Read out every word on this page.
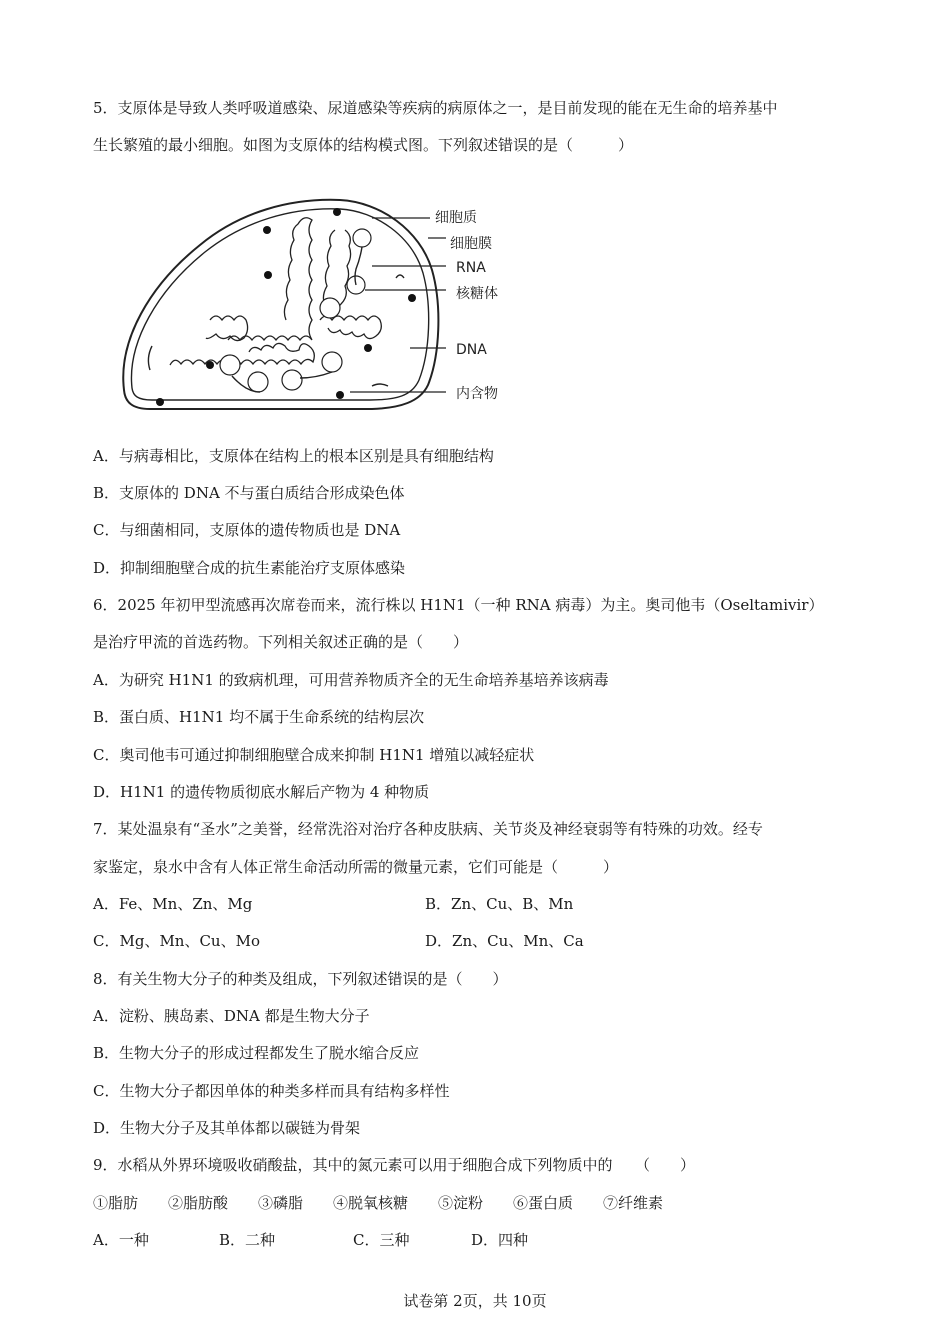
5．支原体是导致人类呼吸道感染、尿道感染等疾病的病原体之一，是目前发现的能在无生命的培养基中
生长繁殖的最小细胞。如图为支原体的结构模式图。下列叙述错误的是（　　　）
细胞质
细胞膜
RNA
核糖体
DNA
内含物
A．与病毒相比，支原体在结构上的根本区别是具有细胞结构
B．支原体的 DNA 不与蛋白质结合形成染色体
C．与细菌相同，支原体的遗传物质也是 DNA
D．抑制细胞壁合成的抗生素能治疗支原体感染
6．2025 年初甲型流感再次席卷而来，流行株以 H1N1（一种 RNA 病毒）为主。奥司他韦（Oseltamivir）
是治疗甲流的首选药物。下列相关叙述正确的是（　　）
A．为研究 H1N1 的致病机理，可用营养物质齐全的无生命培养基培养该病毒
B．蛋白质、H1N1 均不属于生命系统的结构层次
C．奥司他韦可通过抑制细胞壁合成来抑制 H1N1 增殖以减轻症状
D．H1N1 的遗传物质彻底水解后产物为 4 种物质
7．某处温泉有“圣水”之美誉，经常洗浴对治疗各种皮肤病、关节炎及神经衰弱等有特殊的功效。经专
家鉴定，泉水中含有人体正常生命活动所需的微量元素，它们可能是（　　　）
A．Fe、Mn、Zn、Mg	B．Zn、Cu、B、Mn
C．Mg、Mn、Cu、Mo	D．Zn、Cu、Mn、Ca
8．有关生物大分子的种类及组成，下列叙述错误的是（　　）
A．淀粉、胰岛素、DNA 都是生物大分子
B．生物大分子的形成过程都发生了脱水缩合反应
C．生物大分子都因单体的种类多样而具有结构多样性
D．生物大分子及其单体都以碳链为骨架
9．水稻从外界环境吸收硝酸盐，其中的氮元素可以用于细胞合成下列物质中的　　（　　）
①脂肪　　②脂肪酸　　③磷脂　　④脱氧核糖　　⑤淀粉　　⑥蛋白质　　⑦纤维素
A．一种	B．二种	C．三种	D．四种
试卷第 2页，共 10页
